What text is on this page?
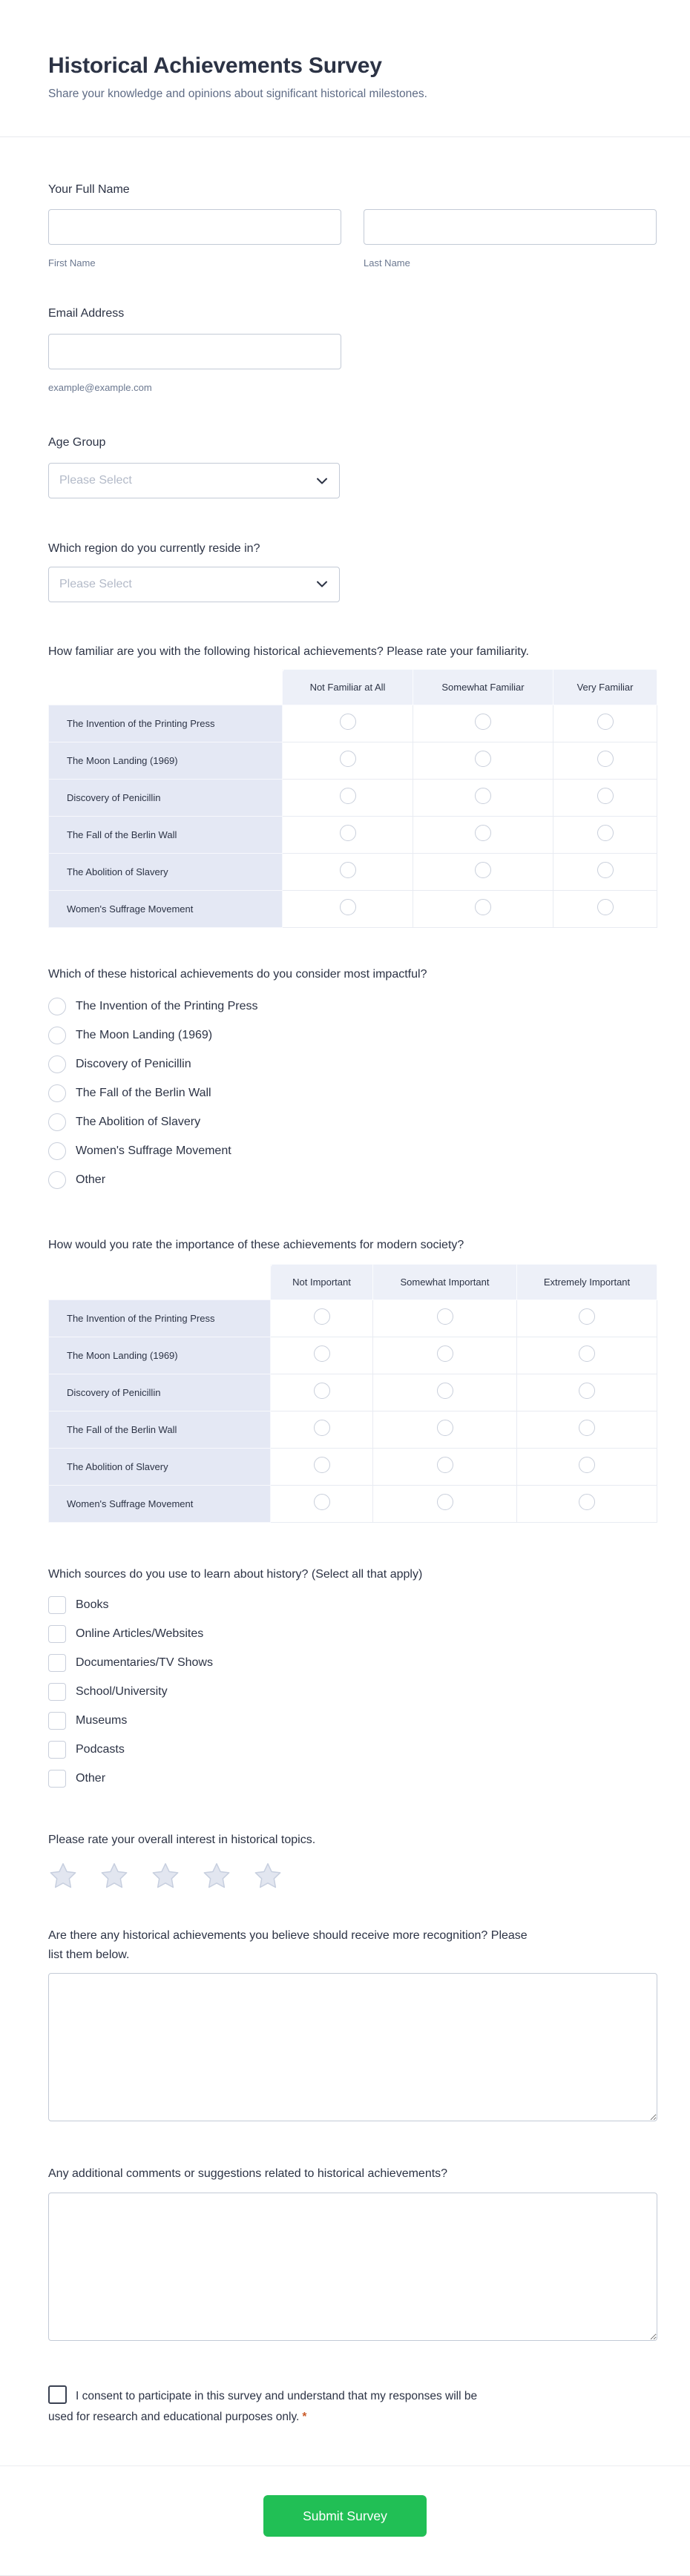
Historical Achievements Survey
Share your knowledge and opinions about significant historical milestones.
Your Full Name
First Name	Last Name
Email Address
example@example.com
Age Group
Please Select
Which region do you currently reside in?
Please Select
How familiar are you with the following historical achievements? Please rate your familiarity.
	Not Familiar at All	Somewhat Familiar	Very Familiar
The Invention of the Printing Press			
The Moon Landing (1969)			
Discovery of Penicillin			
The Fall of the Berlin Wall			
The Abolition of Slavery			
Women's Suffrage Movement			
Which of these historical achievements do you consider most impactful?
The Invention of the Printing Press
The Moon Landing (1969)
Discovery of Penicillin
The Fall of the Berlin Wall
The Abolition of Slavery
Women's Suffrage Movement
Other
How would you rate the importance of these achievements for modern society?
	Not Important	Somewhat Important	Extremely Important
The Invention of the Printing Press			
The Moon Landing (1969)			
Discovery of Penicillin			
The Fall of the Berlin Wall			
The Abolition of Slavery			
Women's Suffrage Movement			
Which sources do you use to learn about history? (Select all that apply)
Books
Online Articles/Websites
Documentaries/TV Shows
School/University
Museums
Podcasts
Other
Please rate your overall interest in historical topics.
Are there any historical achievements you believe should receive more recognition? Please list them below.
Any additional comments or suggestions related to historical achievements?
I consent to participate in this survey and understand that my responses will be used for research and educational purposes only. *
Submit Survey
